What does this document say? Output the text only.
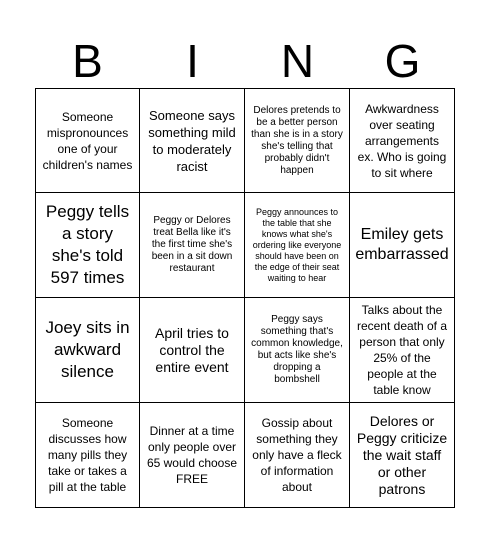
B	I	N	G
Someone mispronounces one of your children's names
Someone says something mild to moderately racist
Delores pretends to be a better person than she is in a story she's telling that probably didn't happen
Awkwardness over seating arrangements ex. Who is going to sit where
Peggy tells a story she's told 597 times
Peggy or Delores treat Bella like it's the first time she's been in a sit down restaurant
Peggy announces to the table that she knows what she's ordering like everyone should have been on the edge of their seat waiting to hear
Emiley gets embarrassed
Joey sits in awkward silence
April tries to control the entire event
Peggy says something that's common knowledge, but acts like she's dropping a bombshell
Talks about the recent death of a person that only 25% of the people at the table know
Someone discusses how many pills they take or takes a pill at the table
Dinner at a time only people over 65 would choose FREE
Gossip about something they only have a fleck of information about
Delores or Peggy criticize the wait staff or other patrons
